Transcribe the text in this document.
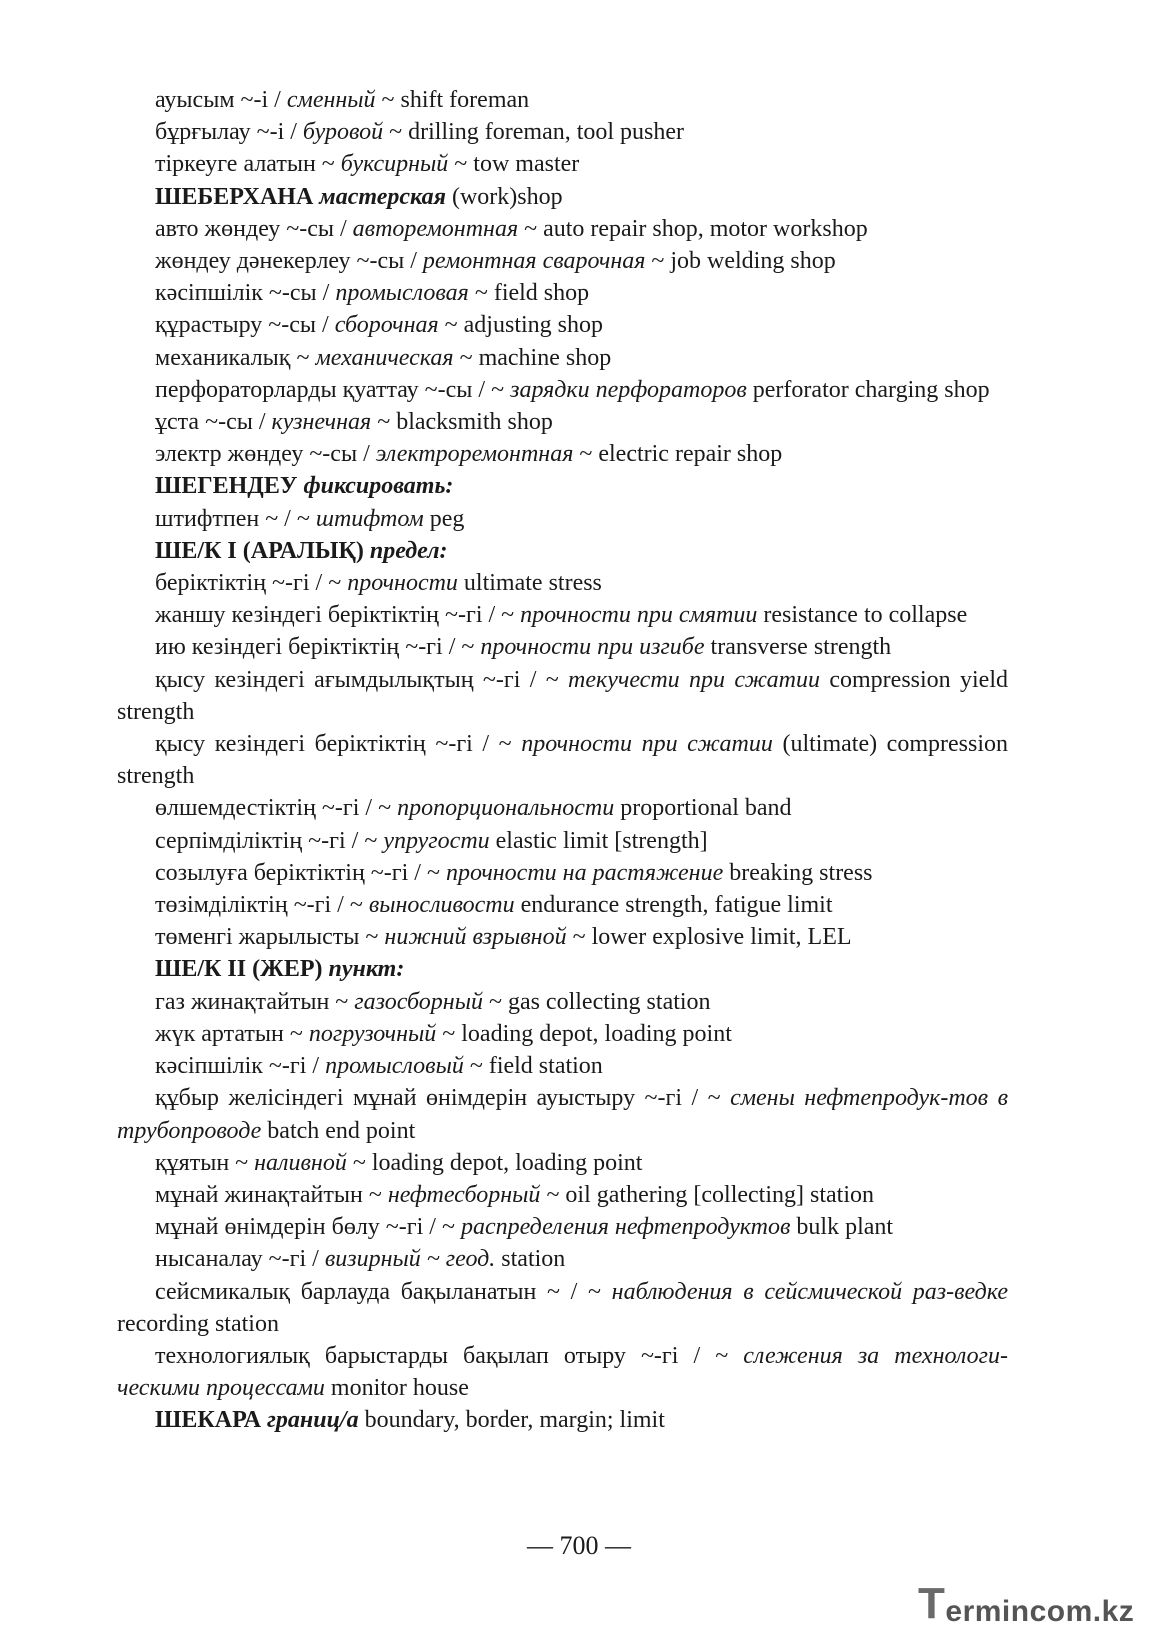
ауысым ~-і / сменный ~ shift foreman

бұрғылау ~-і / буровой ~ drilling foreman, tool pusher

тіркеуге алатын ~ буксирный ~ tow master

ШЕБЕРХАНА мастерская (work)shop

авто жөндеу ~-сы / авторемонтная ~ auto repair shop, motor workshop

жөндеу дәнекерлеу ~-сы / ремонтная сварочная ~ job welding shop

кәсіпшілік ~-сы / промысловая ~ field shop

құрастыру ~-сы / сборочная ~ adjusting shop

механикалық ~ механическая ~ machine shop

перфораторларды қуаттау ~-сы / ~ зарядки перфораторов perforator charging shop

ұста ~-сы / кузнечная ~ blacksmith shop

электр жөндеу ~-сы / электроремонтная ~ electric repair shop

ШЕГЕНДЕУ фиксировать:

штифтпен ~ / ~ штифтом peg

ШЕ/К I (АРАЛЫҚ) предел:

беріктіктің ~-гі / ~ прочности ultimate stress

жаншу кезіндегі беріктіктің ~-гі / ~ прочности при смятии resistance to collapse

ию кезіндегі беріктіктің ~-гі / ~ прочности при изгибе transverse strength

қысу кезіндегі ағымдылықтың ~-гі / ~ текучести при сжатии compression yield strength

қысу кезіндегі беріктіктің ~-гі / ~ прочности при сжатии (ultimate) compression strength

өлшемдестіктің ~-гі / ~ пропорциональности proportional band

серпімділіктің ~-гі / ~ упругости elastic limit [strength]

созылуға беріктіктің ~-гі / ~ прочности на растяжение breaking stress

төзімділіктің ~-гі / ~ выносливости endurance strength, fatigue limit

төменгі жарылысты ~ нижний взрывной ~ lower explosive limit, LEL

ШЕ/К II (ЖЕР) пункт:

газ жинақтайтын ~ газосборный ~ gas collecting station

жүк артатын ~ погрузочный ~ loading depot, loading point

кәсіпшілік ~-гі / промысловый ~ field station

құбыр желісіндегі мұнай өнімдерін ауыстыру ~-гі / ~ смены нефтепродук-тов в трубопроводе batch end point

құятын ~ наливной ~ loading depot, loading point

мұнай жинақтайтын ~ нефтесборный ~ oil gathering [collecting] station

мұнай өнімдерін бөлу ~-гі / ~ распределения нефтепродуктов bulk plant

нысаналау ~-гі / визирный ~ геод. station

сейсмикалық барлауда бақыланатын ~ / ~ наблюдения в сейсмической раз-ведке recording station

технологиялық барыстарды бақылап отыру ~-гі / ~ слежения за технологи-ческими процессами monitor house

ШЕКАРА границ/а boundary, border, margin; limit

— 700 —
Termincom.kz
